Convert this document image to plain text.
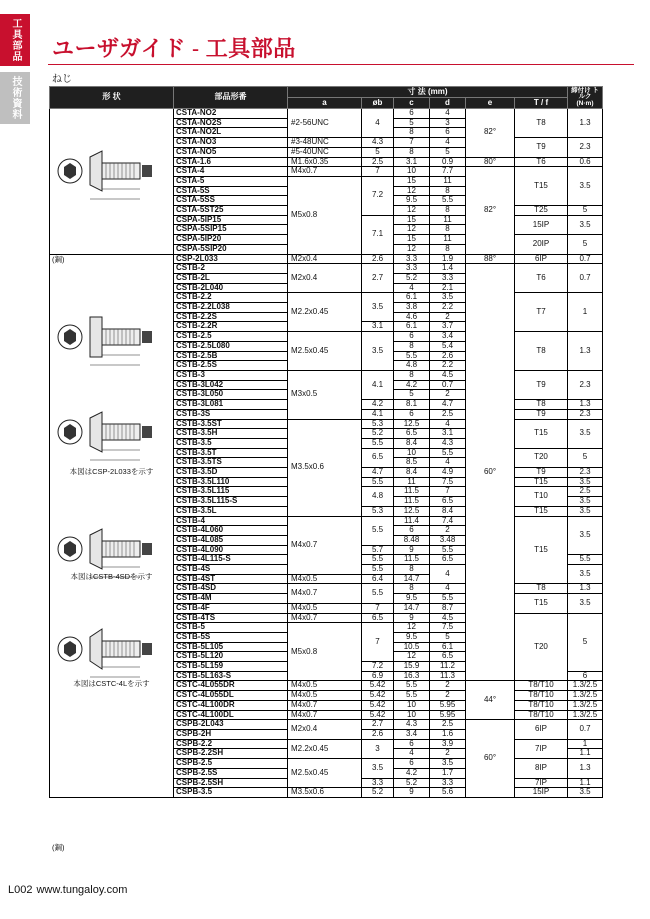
工具部品
技術資料
ユーザガイド - 工具部品
ねじ
形 状	部品形番	寸 法 (mm)						締付け トルク (N·m)
		a	øb	c	d	e	T / f	

	CSTA-NO2	#2-56UNC	4	6	4	82°	T8	1.3
	CSTA-NO2S			5	3			
	CSTA-NO2L			8	6			
	CSTA-NO3	#3-48UNC	4.3	7	4		T9	2.3
	CSTA-NO5	#5-40UNC	5	8	5			
	CSTA-1.6	M1.6x0.35	2.5	3.1	0.9	80°	T6	0.6
	CSTA-4	M4x0.7	7	10	7.7	82°	T15	3.5
	CSTA-5	M5x0.8	7.2	15	11			
	CSTA-5S			12	8			
	CSTA-5SS			9.5	5.5			
	CSTA-5ST25			12	8		T25	5
	CSPA-5IP15		7.1	15	11		15IP	3.5
	CSPA-5SIP15			12	8			
	CSPA-5IP20			15	11		20IP	5
	CSPA-5SIP20			12	8			

(鋼)
本図はCSP-2L033を示す
本図はCSTB-4SDを示す
本図はCSTC-4Lを示す
(鋼)	CSP-2L033	M2x0.4	2.6	3.3	1.9	88°	6IP	0.7
	CSTB-2	M2x0.4	2.7	3.3	1.4	60°	T6	0.7
	CSTB-2L			5.2	3.3			
	CSTB-2L040			4	2.1			
	CSTB-2.2	M2.2x0.45	3.5	6.1	3.5		T7	1
	CSTB-2.2L038			3.8	2.2			
	CSTB-2.2S			4.6	2			
	CSTB-2.2R		3.1	6.1	3.7			
	CSTB-2.5	M2.5x0.45	3.5	6	3.4		T8	1.3
	CSTB-2.5L080			8	5.4			
	CSTB-2.5B			5.5	2.6			
	CSTB-2.5S			4.8	2.2			
	CSTB-3	M3x0.5	4.1	8	4.5		T9	2.3
	CSTB-3L042			4.2	0.7			
	CSTB-3L050			5	2			
	CSTB-3L081		4.2	8.1	4.7		T8	1.3
	CSTB-3S		4.1	6	2.5		T9	2.3
	CSTB-3.5ST	M3.5x0.6	5.3	12.5	4		T15	3.5
	CSTB-3.5H		5.2	6.5	3.1			
	CSTB-3.5		5.5	8.4	4.3			
	CSTB-3.5T		6.5	10	5.5		T20	5
	CSTB-3.5TS			8.5	4			
	CSTB-3.5D		4.7	8.4	4.9		T9	2.3
	CSTB-3.5L110		5.5	11	7.5		T15	3.5
	CSTB-3.5L115		4.8	11.5	7		T10	2.5
	CSTB-3.5L115-S			11.5	6.5			3.5
	CSTB-3.5L		5.3	12.5	8.4		T15	3.5
	CSTB-4	M4x0.7	5.5	11.4	7.4		T15	3.5
	CSTB-4L060			6	2			
	CSTB-4L085			8.48	3.48			
	CSTB-4L090		5.7	9	5.5			
	CSTB-4L115-S		5.5	11.5	6.5			5.5
	CSTB-4S		5.5	8	4			3.5
	CSTB-4ST	M4x0.5	6.4	14.7				
	CSTB-4SD	M4x0.7	5.5	8	4		T8	1.3
	CSTB-4M			9.5	5.5		T15	3.5
	CSTB-4F	M4x0.5	7	14.7	8.7			
	CSTB-4TS	M4x0.7	6.5	9	4.5		T20	5
	CSTB-5	M5x0.8	7	12	7.5			
	CSTB-5S			9.5	5			
	CSTB-5L105			10.5	6.1			
	CSTB-5L120			12	6.5			
	CSTB-5L159		7.2	15.9	11.2			
	CSTB-5L163-S		6.9	16.3	11.3			6
	CSTC-4L055DR	M4x0.5	5.42	5.5	2	44°	T8/T10	1.3/2.5
	CSTC-4L055DL	M4x0.5	5.42	5.5	2		T8/T10	1.3/2.5
	CSTC-4L100DR	M4x0.7	5.42	10	5.95		T8/T10	1.3/2.5
	CSTC-4L100DL	M4x0.7	5.42	10	5.95		T8/T10	1.3/2.5
	CSPB-2L043	M2x0.4	2.7	4.3	2.5	60°	6IP	0.7
	CSPB-2H		2.6	3.4	1.6			
	CSPB-2.2	M2.2x0.45	3	6	3.9		7IP	1
	CSPB-2.2SH			4	2			1.1
	CSPB-2.5	M2.5x0.45	3.5	6	3.5		8IP	1.3
	CSPB-2.5S			4.2	1.7			
	CSPB-2.5SH		3.3	5.2	3.3		7IP	1.1
	CSPB-3.5	M3.5x0.6	5.2	9	5.6		15IP	3.5
L002 www.tungaloy.com
